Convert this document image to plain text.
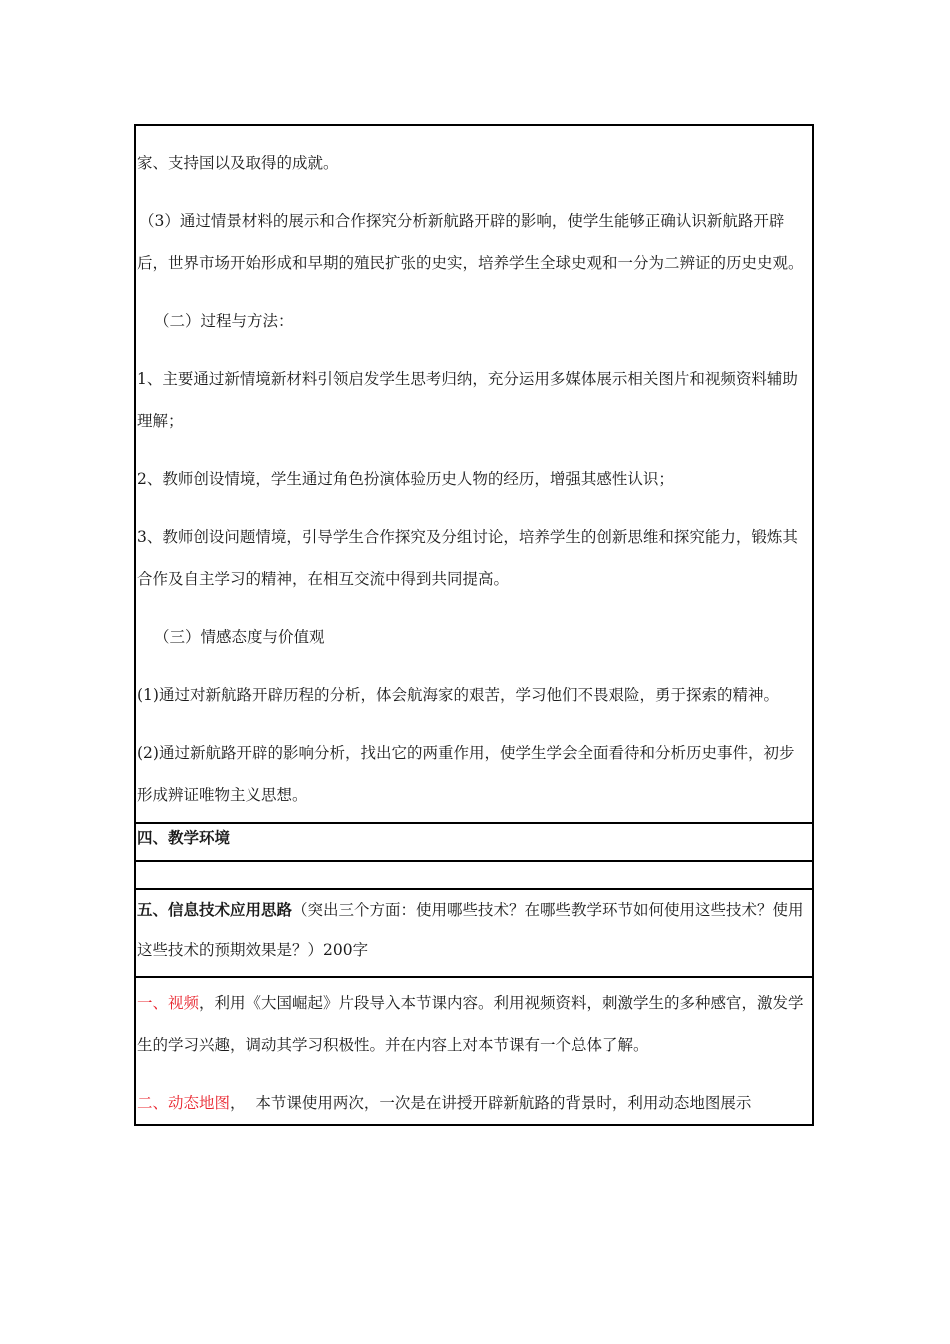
家、支持国以及取得的成就。

（3）通过情景材料的展示和合作探究分析新航路开辟的影响，使学生能够正确认识新航路开辟后，世界市场开始形成和早期的殖民扩张的史实，培养学生全球史观和一分为二辨证的历史史观。

（二）过程与方法：

1、主要通过新情境新材料引领启发学生思考归纳，充分运用多媒体展示相关图片和视频资料辅助理解；

2、教师创设情境，学生通过角色扮演体验历史人物的经历，增强其感性认识；

3、教师创设问题情境，引导学生合作探究及分组讨论，培养学生的创新思维和探究能力，锻炼其合作及自主学习的精神，在相互交流中得到共同提高。

（三）情感态度与价值观

(1)通过对新航路开辟历程的分析，体会航海家的艰苦，学习他们不畏艰险，勇于探索的精神。

(2)通过新航路开辟的影响分析，找出它的两重作用，使学生学会全面看待和分析历史事件，初步形成辨证唯物主义思想。

四、教学环境

五、信息技术应用思路（突出三个方面：使用哪些技术？在哪些教学环节如何使用这些技术？使用这些技术的预期效果是？）200字

一、视频，利用《大国崛起》片段导入本节课内容。利用视频资料，刺激学生的多种感官，激发学生的学习兴趣，调动其学习积极性。并在内容上对本节课有一个总体了解。

二、动态地图，  本节课使用两次，一次是在讲授开辟新航路的背景时，利用动态地图展示
